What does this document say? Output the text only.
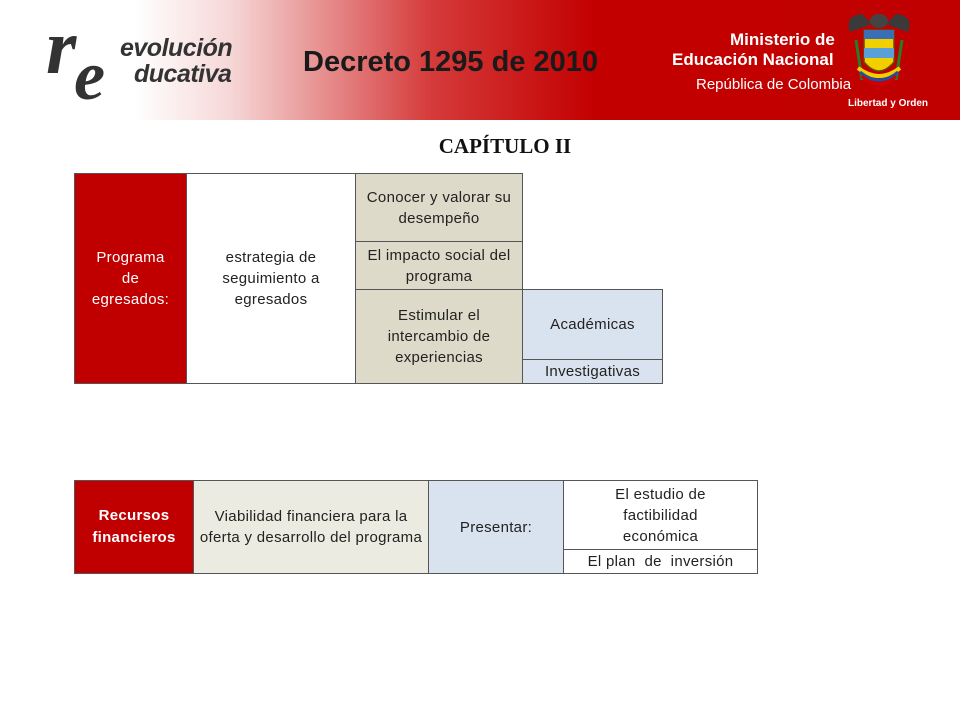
r
e evolución
ducativa Decreto 1295 de 2010
Ministerio de
Educación Nacional
República de Colombia
Libertad y Orden
CAPÍTULO II
Programa de egresados:
estrategia de seguimiento a egresados
Conocer y valorar su desempeño
El impacto social del programa
Estimular el intercambio de experiencias
Académicas
Investigativas
Recursos financieros
Viabilidad financiera para la oferta y desarrollo del programa
Presentar:
El estudio de factibilidad  económica
El plan  de  inversión
